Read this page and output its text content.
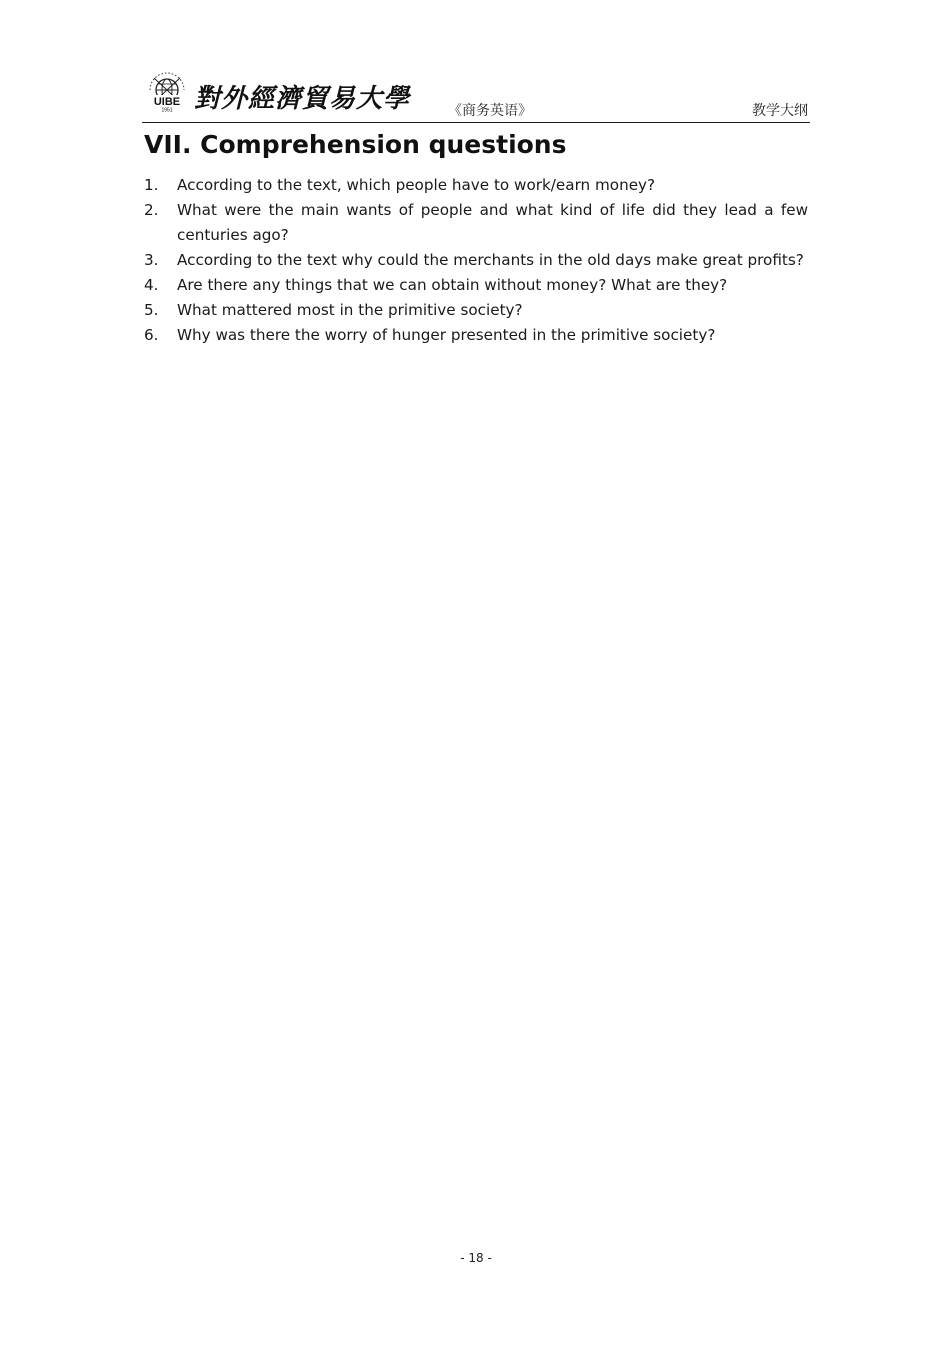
UIBE
1951 對外經濟貿易大學	《商务英语》	教学大纲
VII. Comprehension questions
1. According to the text, which people have to work/earn money?
2. What were the main wants of people and what kind of life did they lead a few centuries ago?
3. According to the text why could the merchants in the old days make great profits?
4. Are there any things that we can obtain without money? What are they?
5. What mattered most in the primitive society?
6. Why was there the worry of hunger presented in the primitive society?
- 18 -
